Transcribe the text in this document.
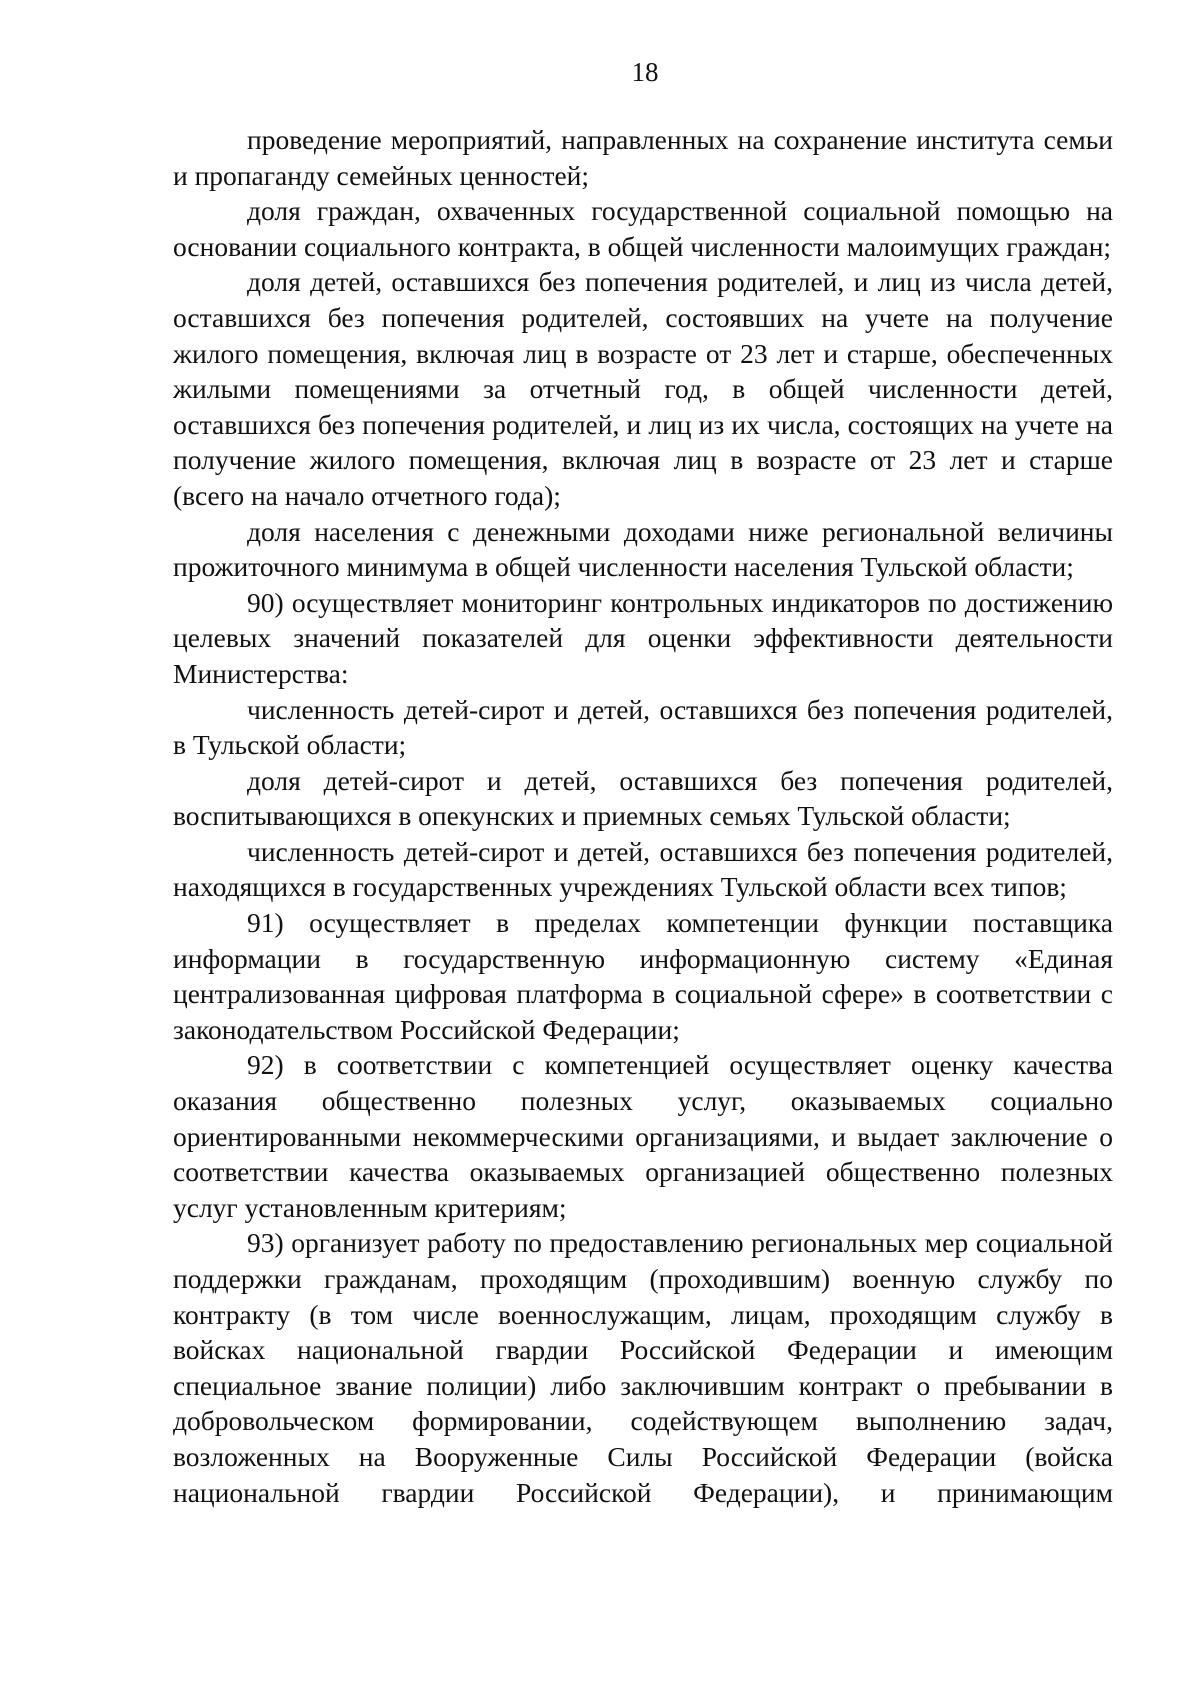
18

проведение мероприятий, направленных на сохранение института семьи и пропаганду семейных ценностей;

доля граждан, охваченных государственной социальной помощью на основании социального контракта, в общей численности малоимущих граждан;

доля детей, оставшихся без попечения родителей, и лиц из числа детей, оставшихся без попечения родителей, состоявших на учете на получение жилого помещения, включая лиц в возрасте от 23 лет и старше, обеспеченных жилыми помещениями за отчетный год, в общей численности детей, оставшихся без попечения родителей, и лиц из их числа, состоящих на учете на получение жилого помещения, включая лиц в возрасте от 23 лет и старше (всего на начало отчетного года);

доля населения с денежными доходами ниже региональной величины прожиточного минимума в общей численности населения Тульской области;

90) осуществляет мониторинг контрольных индикаторов по достижению целевых значений показателей для оценки эффективности деятельности Министерства:

численность детей-сирот и детей, оставшихся без попечения родителей, в Тульской области;

доля детей-сирот и детей, оставшихся без попечения родителей, воспитывающихся в опекунских и приемных семьях Тульской области;

численность детей-сирот и детей, оставшихся без попечения родителей, находящихся в государственных учреждениях Тульской области всех типов;

91) осуществляет в пределах компетенции функции поставщика информации в государственную информационную систему «Единая централизованная цифровая платформа в социальной сфере» в соответствии с законодательством Российской Федерации;

92) в соответствии с компетенцией осуществляет оценку качества оказания общественно полезных услуг, оказываемых социально ориентированными некоммерческими организациями, и выдает заключение о соответствии качества оказываемых организацией общественно полезных услуг установленным критериям;

93) организует работу по предоставлению региональных мер социальной поддержки гражданам, проходящим (проходившим) военную службу по контракту (в том числе военнослужащим, лицам, проходящим службу в войсках национальной гвардии Российской Федерации и имеющим специальное звание полиции) либо заключившим контракт о пребывании в добровольческом формировании, содействующем выполнению задач, возложенных на Вооруженные Силы Российской Федерации (войска национальной гвардии Российской Федерации), и принимающим
